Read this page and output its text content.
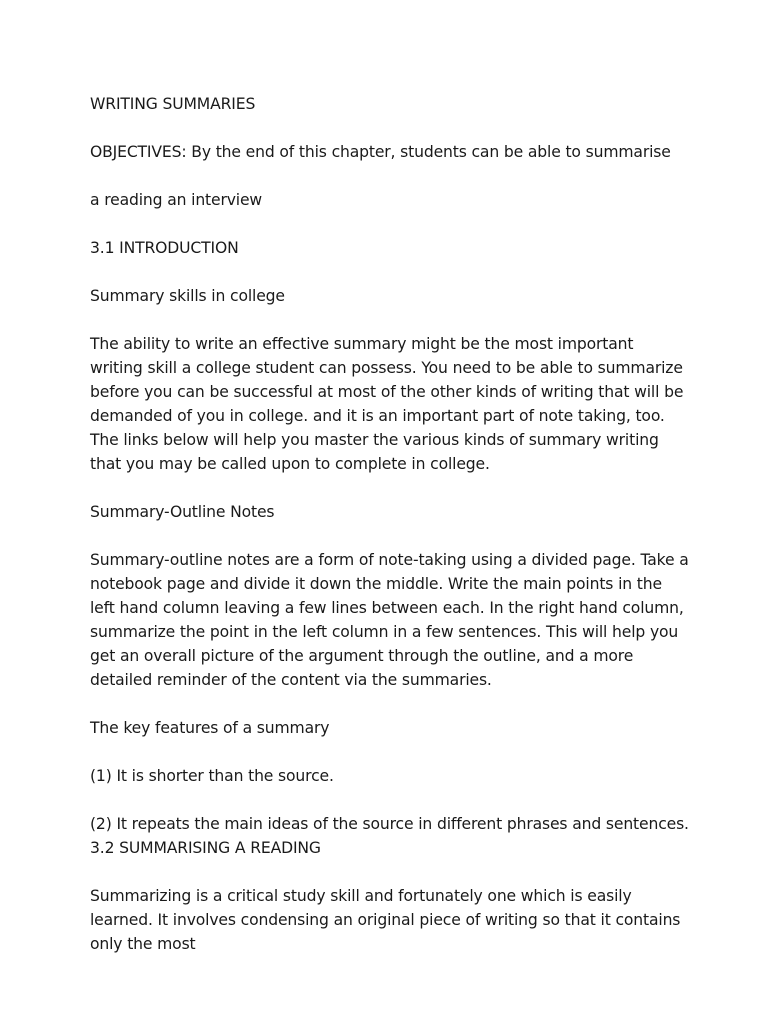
WRITING SUMMARIES

OBJECTIVES: By the end of this chapter, students can be able to summarise

a reading an interview

3.1 INTRODUCTION

Summary skills in college

The ability to write an effective summary might be the most important writing skill a college student can possess. You need to be able to summarize before you can be successful at most of the other kinds of writing that will be demanded of you in college. and it is an important part of note taking, too. The links below will help you master the various kinds of summary writing that you may be called upon to complete in college.

Summary-Outline Notes

Summary-outline notes are a form of note-taking using a divided page. Take a notebook page and divide it down the middle. Write the main points in the left hand column leaving a few lines between each. In the right hand column, summarize the point in the left column in a few sentences. This will help you get an overall picture of the argument through the outline, and a more detailed reminder of the content via the summaries.

The key features of a summary

(1) It is shorter than the source.

(2) It repeats the main ideas of the source in different phrases and sentences.

3.2 SUMMARISING A READING

Summarizing is a critical study skill and fortunately one which is easily learned. It involves condensing an original piece of writing so that it contains only the most
